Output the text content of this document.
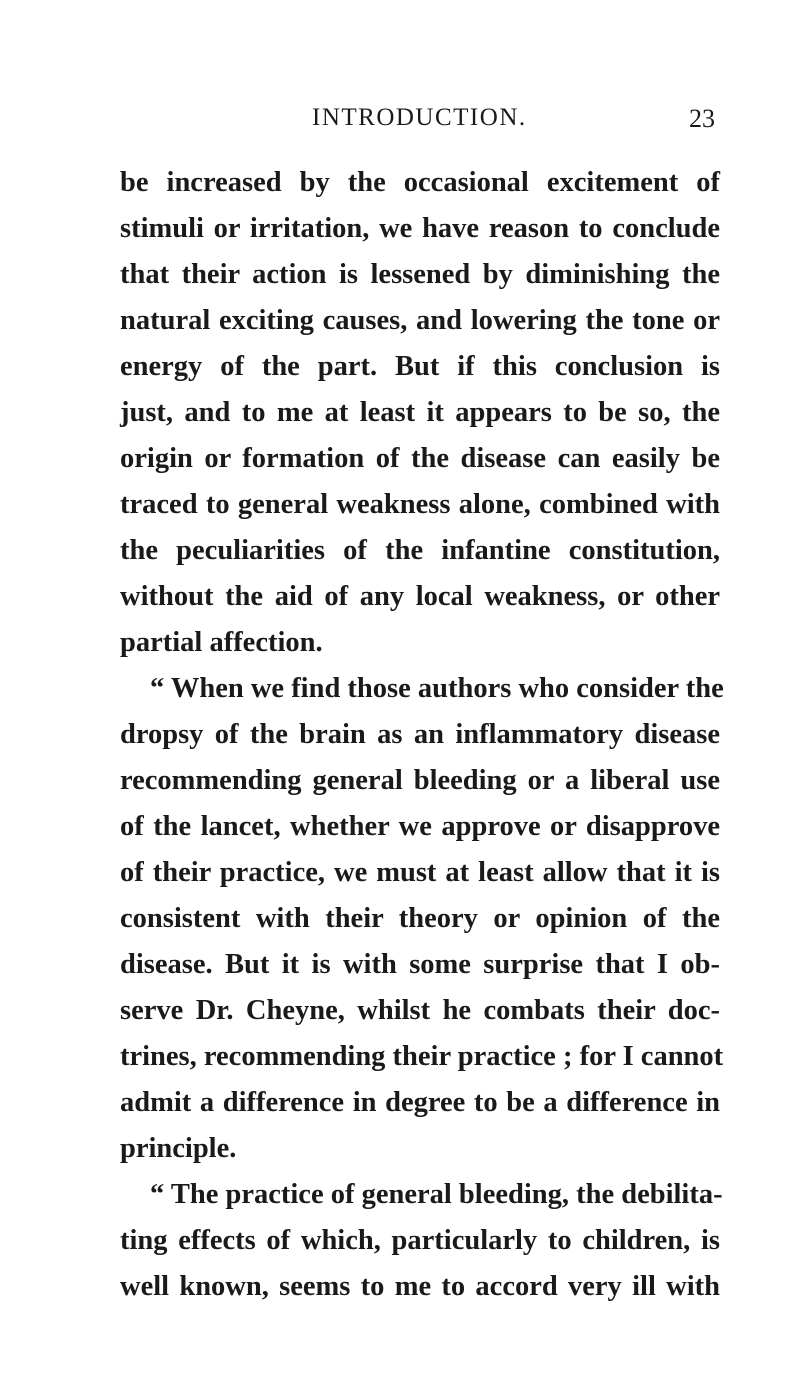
INTRODUCTION.	23
be increased by the occasional excitement of
stimuli or irritation, we have reason to conclude
that their action is lessened by diminishing the
natural exciting causes, and lowering the tone or
energy of the part. But if this conclusion is
just, and to me at least it appears to be so, the
origin or formation of the disease can easily be
traced to general weakness alone, combined with
the peculiarities of the infantine constitution,
without the aid of any local weakness, or other
partial affection.
“ When we find those authors who consider the
dropsy of the brain as an inflammatory disease
recommending general bleeding or a liberal use
of the lancet, whether we approve or disapprove
of their practice, we must at least allow that it is
consistent with their theory or opinion of the
disease. But it is with some surprise that I ob-
serve Dr. Cheyne, whilst he combats their doc-
trines, recommending their practice ; for I cannot
admit a difference in degree to be a difference in
principle.
“ The practice of general bleeding, the debilita-
ting effects of which, particularly to children, is
well known, seems to me to accord very ill with
